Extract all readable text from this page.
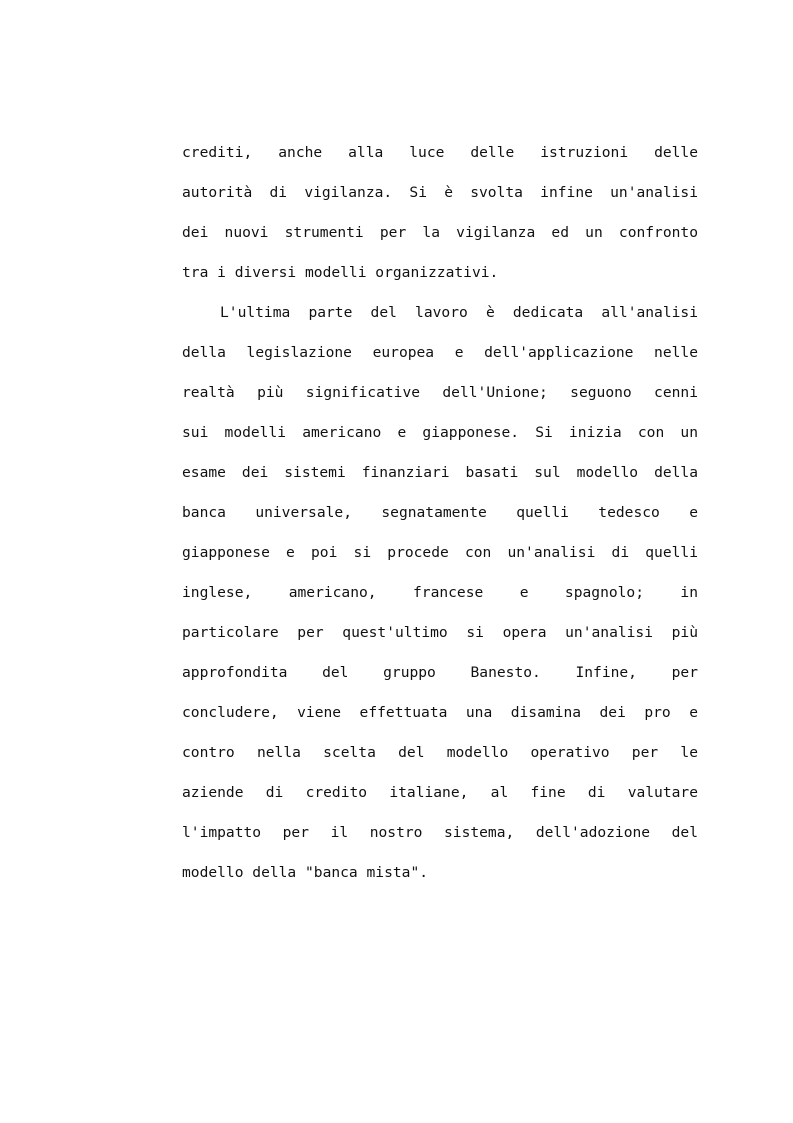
crediti, anche alla luce delle istruzioni delle
autorità di vigilanza. Si è svolta infine un'analisi
dei nuovi strumenti per la vigilanza ed un confronto
tra i diversi modelli organizzativi.
L'ultima parte del lavoro è dedicata all'analisi
della legislazione europea e dell'applicazione nelle
realtà più significative dell'Unione; seguono cenni
sui modelli americano e giapponese. Si inizia con un
esame dei sistemi finanziari basati sul modello della
banca universale, segnatamente quelli tedesco e
giapponese e poi si procede con un'analisi di quelli
inglese, americano, francese e spagnolo; in
particolare per quest'ultimo si opera un'analisi più
approfondita del gruppo Banesto. Infine, per
concludere, viene effettuata una disamina dei pro e
contro nella scelta del modello operativo per le
aziende di credito italiane, al fine di valutare
l'impatto per il nostro sistema, dell'adozione del
modello della "banca mista".
